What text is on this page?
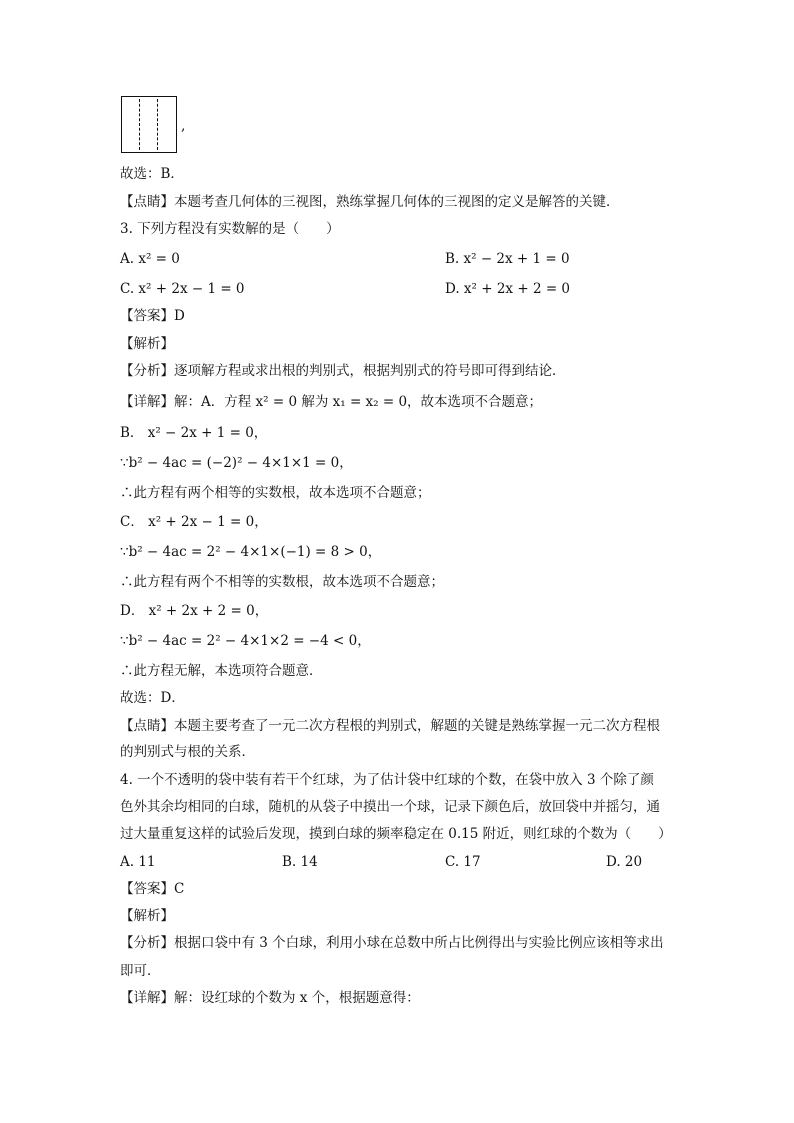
,
故选：B．
【点睛】本题考查几何体的三视图，熟练掌握几何体的三视图的定义是解答的关键．
3. 下列方程没有实数解的是（　　）
A. x² = 0	B. x² − 2x + 1 = 0
C. x² + 2x − 1 = 0	D. x² + 2x + 2 = 0
【答案】D
【解析】
【分析】逐项解方程或求出根的判别式，根据判别式的符号即可得到结论．
【详解】解：A．方程 x² = 0 解为 x₁ = x₂ = 0，故本选项不合题意；
B． x² − 2x + 1 = 0，
∵b² − 4ac = (−2)² − 4×1×1 = 0，
∴此方程有两个相等的实数根，故本选项不合题意；
C． x² + 2x − 1 = 0，
∵b² − 4ac = 2² − 4×1×(−1) = 8 > 0，
∴此方程有两个不相等的实数根，故本选项不合题意；
D． x² + 2x + 2 = 0，
∵b² − 4ac = 2² − 4×1×2 = −4 < 0，
∴此方程无解，本选项符合题意．
故选：D．
【点睛】本题主要考查了一元二次方程根的判别式，解题的关键是熟练掌握一元二次方程根
的判别式与根的关系．
4. 一个不透明的袋中装有若干个红球，为了估计袋中红球的个数，在袋中放入 3 个除了颜
色外其余均相同的白球，随机的从袋子中摸出一个球，记录下颜色后，放回袋中并摇匀，通
过大量重复这样的试验后发现，摸到白球的频率稳定在 0.15 附近，则红球的个数为（　　）
A. 11	B. 14	C. 17	D. 20
【答案】C
【解析】
【分析】根据口袋中有 3 个白球，利用小球在总数中所占比例得出与实验比例应该相等求出
即可．
【详解】解：设红球的个数为 x 个，根据题意得：
